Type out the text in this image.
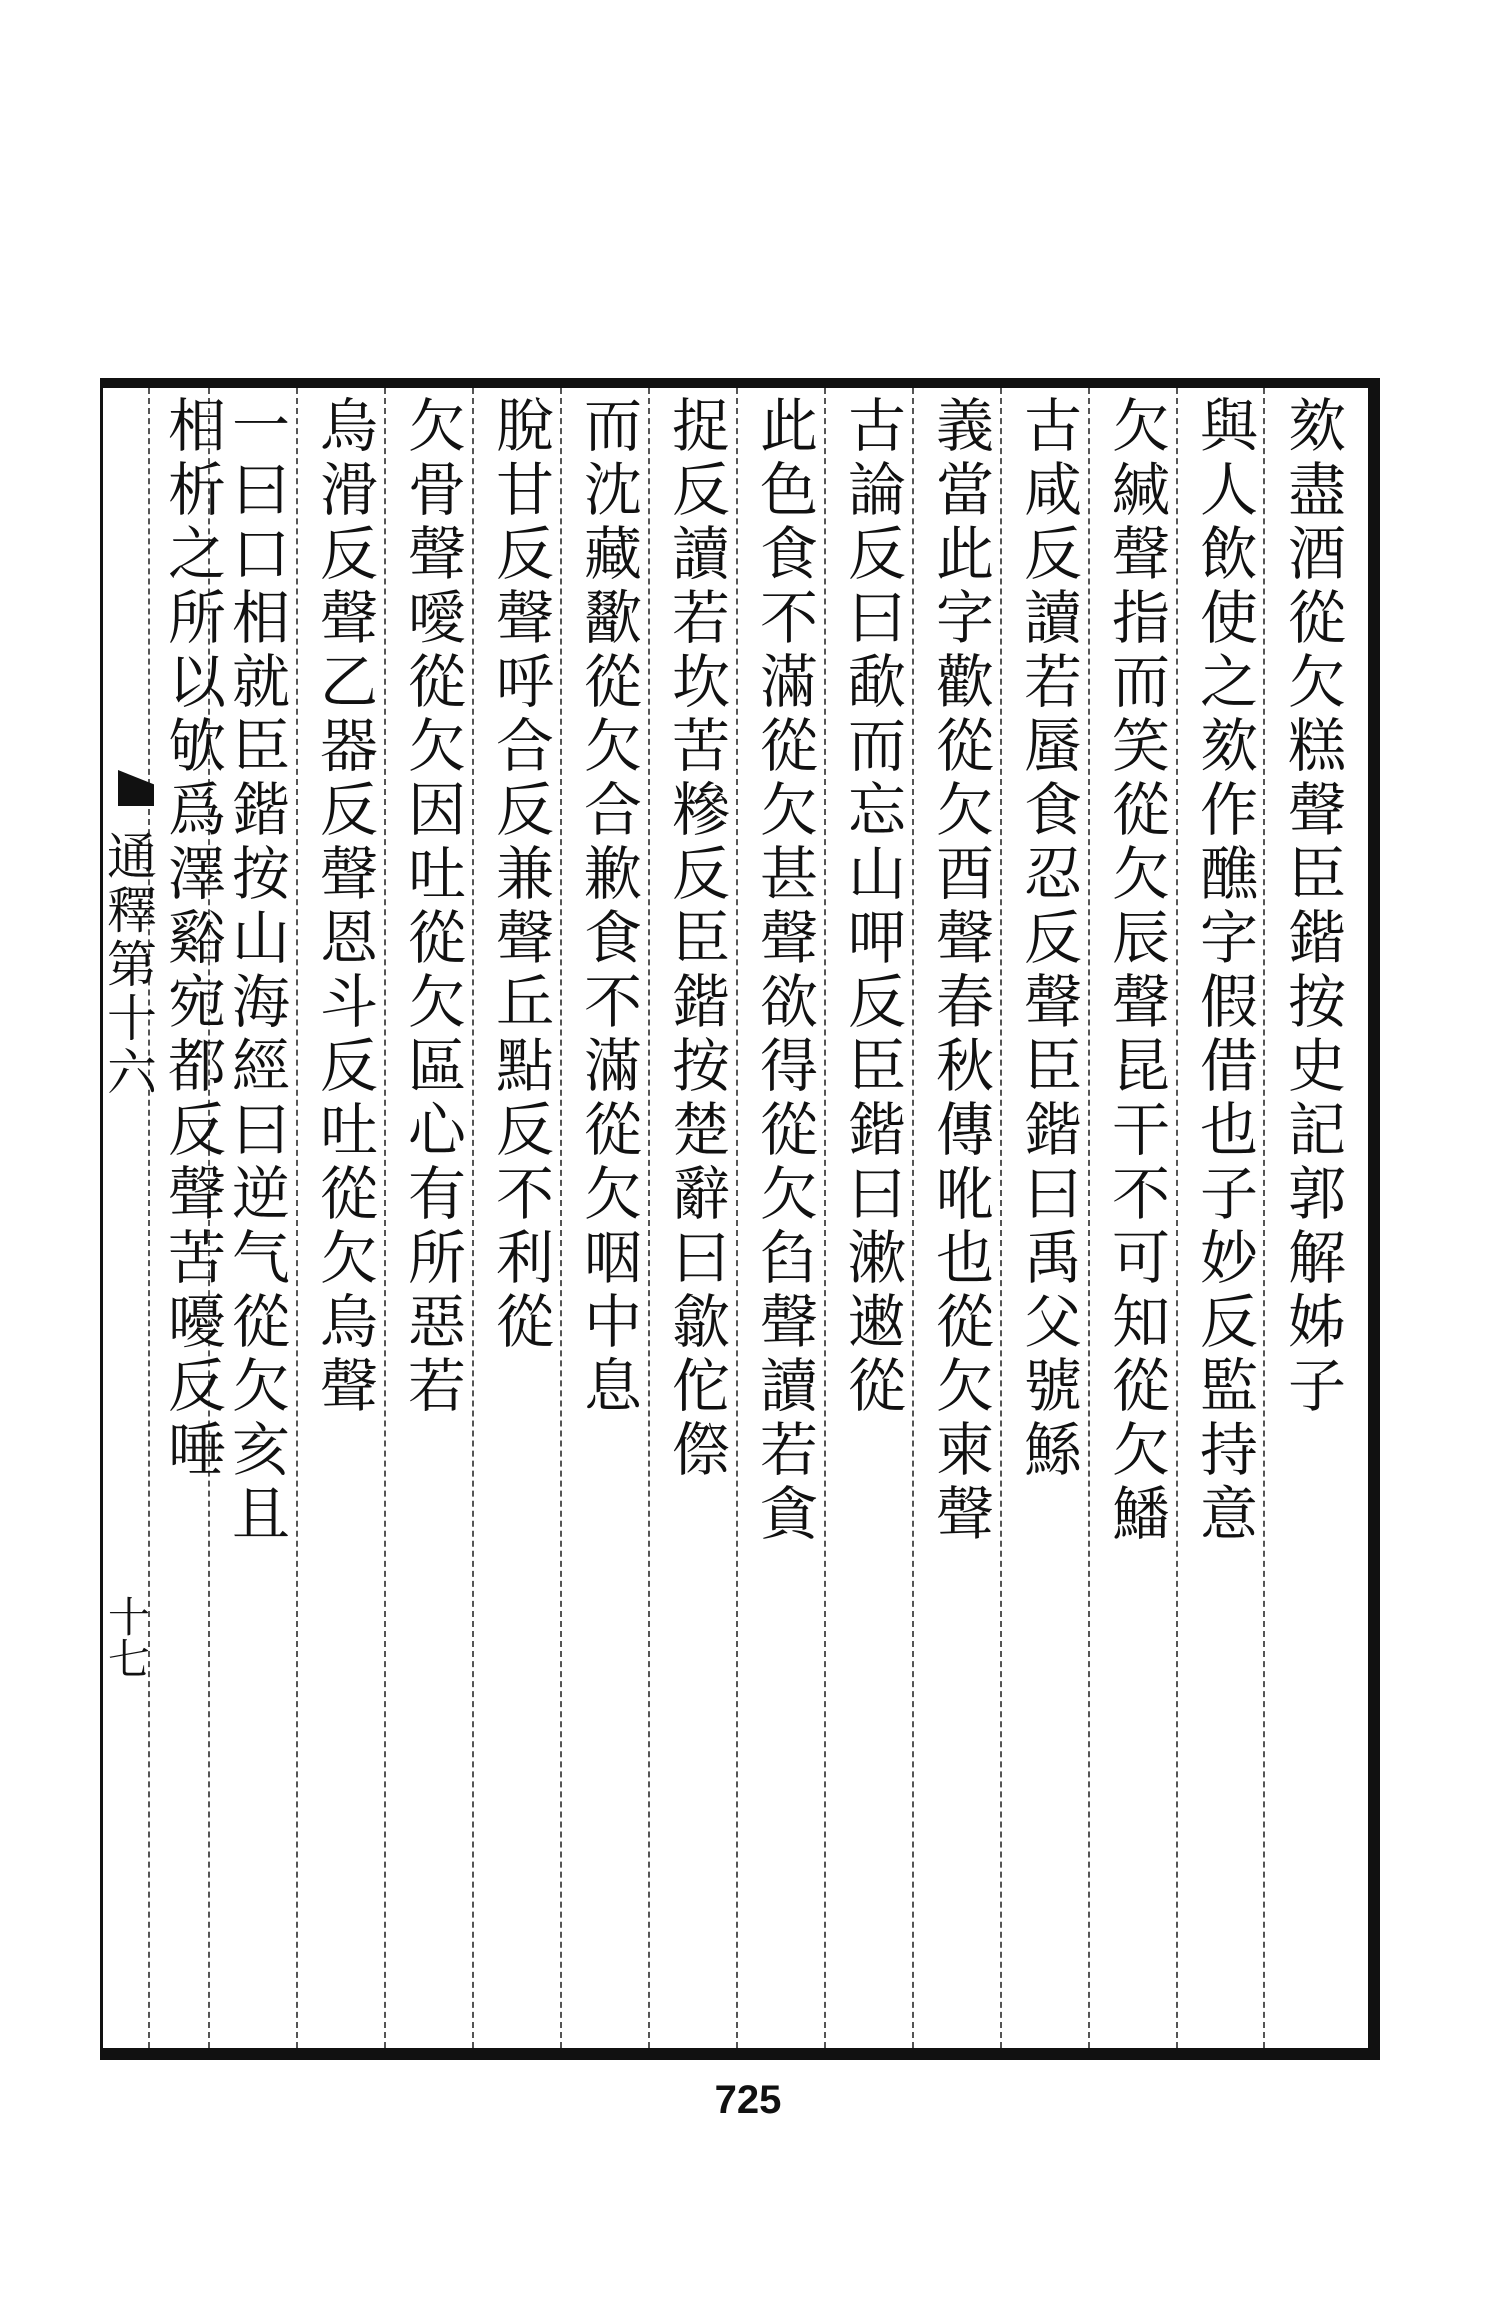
欬盡酒從欠糕聲臣鍇按史記郭解姊子
與人飲使之欬作醮字假借也子妙反監持意
欠緘聲指而笑從欠辰聲昆干不可知從欠鱕
古咸反讀若蜃食忍反聲臣鍇曰禹父號鯀
義當此字歡從欠酉聲春秋傳吪也從欠柬聲
古論反曰歃而忘山呷反臣鍇曰漱遫從
此色食不滿從欠甚聲欲得從欠臽聲讀若貪
捉反讀若坎苦糝反臣鍇按楚辭曰歙佗傺
而沈藏歠從欠合歉食不滿從欠咽中息
脫甘反聲呼合反兼聲丘點反不利從
欠骨聲噯從欠因吐從欠區心有所惡若
烏滑反聲乙器反聲恩斗反吐從欠烏聲
一曰口相就臣鍇按山海經曰逆气從欠亥且
相析之所以欨爲澤谿宛都反聲苦嚘反唾
通釋第十六
十七
725
